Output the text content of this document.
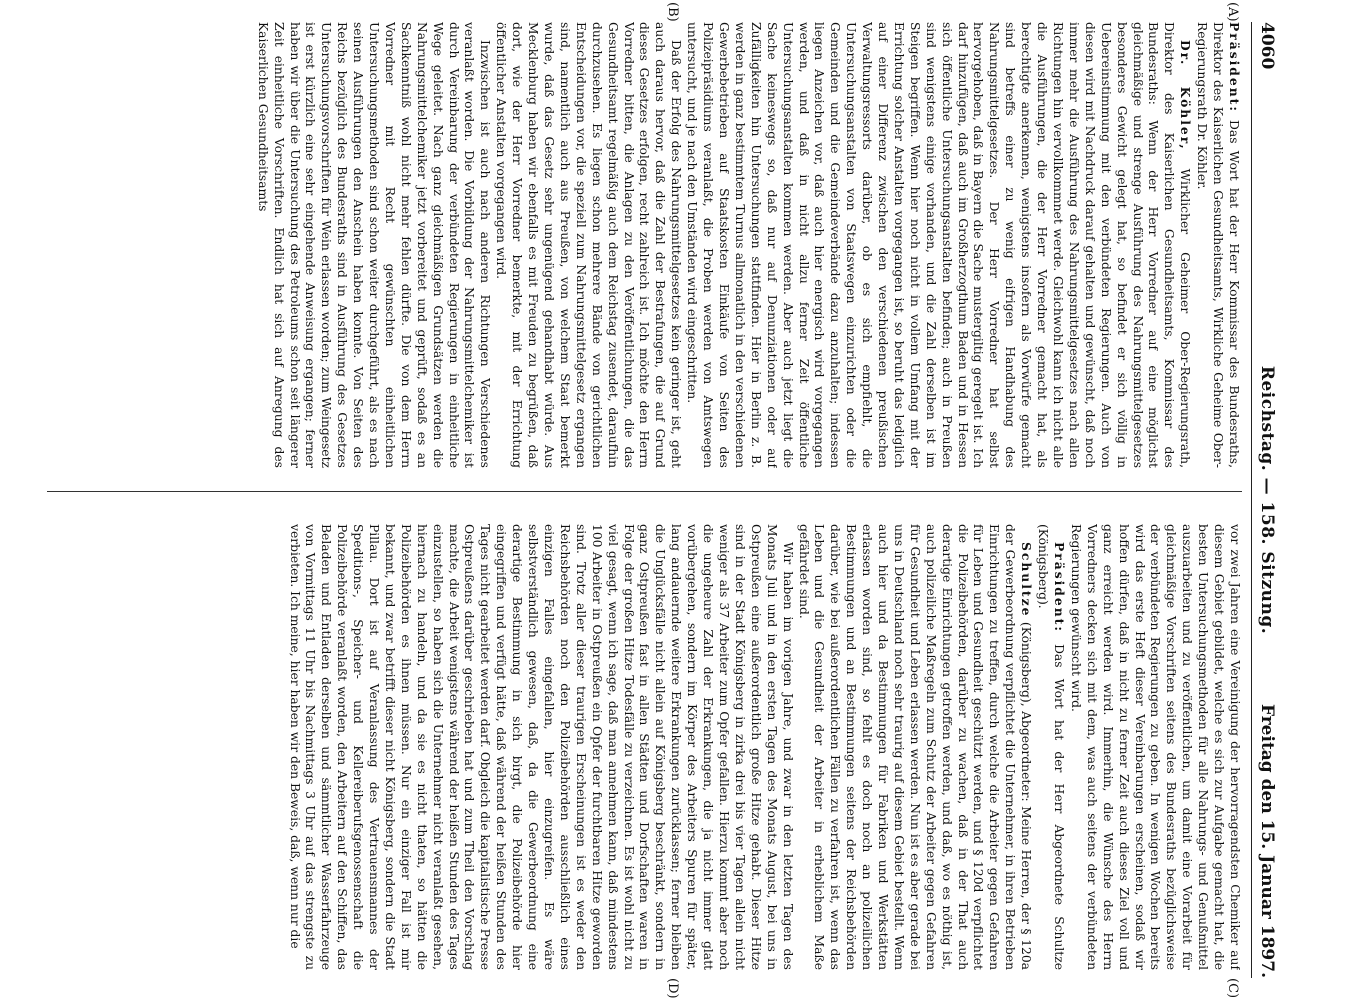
4060
Reichstag. — 158. Sitzung.
Freitag den 15. Januar 1897.
(A)
(B)
(C)
(D)

Präsident: Das Wort hat der Herr Kommissar des Bundesraths, Direktor des Kaiserlichen Gesundheitsamts, Wirkliche Geheime Ober-Regierungsrath Dr. Köhler.

Dr. Köhler, Wirklicher Geheimer Ober-Regierungsrath, Direktor des Kaiserlichen Gesundheitsamts, Kommissar des Bundesraths: Wenn der Herr Vorredner auf eine möglichst gleichmäßige und strenge Ausführung des Nahrungsmittelgesetzes besonderes Gewicht gelegt hat, so befindet er sich völlig in Uebereinstimmung mit den verbündeten Regierungen. Auch von diesen wird mit Nachdruck darauf gehalten und gewünscht, daß noch immer mehr die Ausführung des Nahrungsmittelgesetzes nach allen Richtungen hin vervollkommnet werde. Gleichwohl kann ich nicht alle die Ausführungen, die der Herr Vorredner gemacht hat, als berechtigte anerkennen, wenigstens insofern als Vorwürfe gemacht sind betreffs einer zu wenig eifrigen Handhabung des Nahrungsmittelgesetzes. Der Herr Vorredner hat selbst hervorgehoben, daß in Bayern die Sache mustergiltig geregelt ist. Ich darf hinzufügen, daß auch im Großherzogthum Baden und in Hessen sich öffentliche Untersuchungsanstalten befinden; auch in Preußen sind wenigstens einige vorhanden, und die Zahl derselben ist im Steigen begriffen. Wenn hier noch nicht in vollem Umfang mit der Errichtung solcher Anstalten vorgegangen ist, so beruht das lediglich auf einer Differenz zwischen den verschiedenen preußischen Verwaltungsressorts darüber, ob es sich empfiehlt, die Untersuchungsanstalten von Staatswegen einzurichten oder die Gemeinden und die Gemeindeverbände dazu anzuhalten; indessen liegen Anzeichen vor, daß auch hier energisch wird vorgegangen werden, und daß in nicht allzu ferner Zeit öffentliche Untersuchungsanstalten kommen werden. Aber auch jetzt liegt die Sache keineswegs so, daß nur auf Denunziationen oder auf Zufälligkeiten hin Untersuchungen stattfinden. Hier in Berlin z. B. werden in ganz bestimmtem Turnus allmonatlich in den verschiedenen Gewerbebetrieben auf Staatskosten Einkäufe von Seiten des Polizeipräsidiums veranlaßt, die Proben werden von Amtswegen untersucht, und je nach den Umständen wird eingeschritten.

Daß der Erfolg des Nahrungsmittelgesetzes kein geringer ist, geht auch daraus hervor, daß die Zahl der Bestrafungen, die auf Grund dieses Gesetzes erfolgen, recht zahlreich ist. Ich möchte den Herrn Vorredner bitten, die Anlagen zu den Veröffentlichungen, die das Gesundheitsamt regelmäßig auch dem Reichstag zusendet, daraufhin durchzusehen. Es liegen schon mehrere Bände von gerichtlichen Entscheidungen vor, die speziell zum Nahrungsmittelgesetz ergangen sind, namentlich auch aus Preußen, von welchem Staat bemerkt wurde, daß das Gesetz sehr ungenügend gehandhabt würde. Aus Mecklenburg haben wir ebenfalls es mit Freuden zu begrüßen, daß dort, wie der Herr Vorredner bemerkte, mit der Errichtung öffentlicher Anstalten vorgegangen wird.

Inzwischen ist auch nach anderen Richtungen Verschiedenes veranlaßt worden. Die Vorbildung der Nahrungsmittelchemiker ist durch Vereinbarung der verbündeten Regierungen in einheitliche Wege geleitet. Nach ganz gleichmäßigen Grundsätzen werden die Nahrungsmittelchemiker jetzt vorbereitet und geprüft, sodaß es an Sachkenntniß wohl nicht mehr fehlen dürfte. Die von dem Herrn Vorredner mit Recht gewünschten einheitlichen Untersuchungsmethoden sind schon weiter durchgeführt, als es nach seinen Ausführungen den Anschein haben konnte. Von Seiten des Reichs bezüglich des Bundesraths sind in Ausführung des Gesetzes Untersuchungsvorschriften für Wein erlassen worden; zum Weingesetz ist erst kürzlich eine sehr eingehende Anweisung ergangen; ferner haben wir über die Untersuchung des Petroleums schon seit längerer Zeit einheitliche Vorschriften. Endlich hat sich auf Anregung des Kaiserlichen Gesundheitsamts

vor zwei Jahren eine Vereinigung der hervorragendsten Chemiker auf diesem Gebiet gebildet, welche es sich zur Aufgabe gemacht hat, die besten Untersuchungsmethoden für alle Nahrungs- und Genußmittel auszuarbeiten und zu veröffentlichen, um damit eine Vorarbeit für gleichmäßige Vorschriften seitens des Bundesraths bezüglichsweise der verbündeten Regierungen zu geben. In wenigen Wochen bereits wird das erste Heft dieser Vereinbarungen erscheinen, sodaß wir hoffen dürfen, daß in nicht zu ferner Zeit auch dieses Ziel voll und ganz erreicht werden wird. Immerhin, die Wünsche des Herrn Vorredners decken sich mit dem, was auch seitens der verbündeten Regierungen gewünscht wird.

Präsident: Das Wort hat der Herr Abgeordnete Schultze (Königsberg).

Schultze (Königsberg), Abgeordneter: Meine Herren, der § 120a der Gewerbeordnung verpflichtet die Unternehmer, in ihren Betrieben Einrichtungen zu treffen, durch welche die Arbeiter gegen Gefahren für Leben und Gesundheit geschützt werden, und § 120d verpflichtet die Polizeibehörden, darüber zu wachen, daß in der That auch derartige Einrichtungen getroffen werden, und daß, wo es nöthig ist, auch polizeiliche Maßregeln zum Schutz der Arbeiter gegen Gefahren für Gesundheit und Leben erlassen werden. Nun ist es aber gerade bei uns in Deutschland noch sehr traurig auf diesem Gebiet bestellt. Wenn auch hier und da Bestimmungen für Fabriken und Werkstätten erlassen worden sind, so fehlt es doch noch an polizeilichen Bestimmungen und an Bestimmungen seitens der Reichsbehörden darüber, wie bei außerordentlichen Fällen zu verfahren ist, wenn das Leben und die Gesundheit der Arbeiter in erheblichem Maße gefährdet sind.

Wir haben im vorigen Jahre, und zwar in den letzten Tagen des Monats Juli und in den ersten Tagen des Monats August, bei uns in Ostpreußen eine außerordentlich große Hitze gehabt. Dieser Hitze sind in der Stadt Königsberg in zirka drei bis vier Tagen allein nicht weniger als 37 Arbeiter zum Opfer gefallen. Hierzu kommt aber noch die ungeheure Zahl der Erkrankungen, die ja nicht immer glatt vorübergehen, sondern im Körper des Arbeiters Spuren für später, lang andauernde weitere Erkrankungen zurücklassen; ferner bleiben die Unglücksfälle nicht allein auf Königsberg beschränkt, sondern in ganz Ostpreußen fast in allen Städten und Dorfschaften waren in Folge der großen Hitze Todesfälle zu verzeichnen. Es ist wohl nicht zu viel gesagt, wenn ich sage, daß man annehmen kann, daß mindestens 100 Arbeiter in Ostpreußen ein Opfer der furchtbaren Hitze geworden sind. Trotz aller dieser traurigen Erscheinungen ist es weder den Reichsbehörden noch den Polizeibehörden ausschließlich eines einzigen Falles eingefallen, hier einzugreifen. Es wäre selbstverständlich gewesen, daß, da die Gewerbeordnung eine derartige Bestimmung in sich birgt, die Polizeibehörde hier eingegriffen und verfügt hätte, daß während der heißen Stunden des Tages nicht gearbeitet werden darf. Obgleich die kapitalistische Presse Ostpreußens darüber geschrieben hat und zum Theil den Vorschlag machte, die Arbeit wenigstens während der heißen Stunden des Tages einzustellen, so haben sich die Unternehmer nicht veranlaßt gesehen, hiernach zu handeln, und da sie es nicht thaten, so hätten die Polizeibehörden es ihnen müssen. Nur ein einziger Fall ist mir bekannt, und zwar betrifft dieser nicht Königsberg, sondern die Stadt Pillau. Dort ist auf Veranlassung des Vertrauensmannes der Speditions-, Speicher- und Kellereiberufsgenossenschaft die Polizeibehörde veranlaßt worden, den Arbeitern auf den Schiffen, das Beladen und Entladen derselben und sämmtlicher Wasserfahrzeuge von Vormittags 11 Uhr bis Nachmittags 3 Uhr auf das strengste zu verbieten. Ich meine, hier haben wir den Beweis, daß, wenn nur die
